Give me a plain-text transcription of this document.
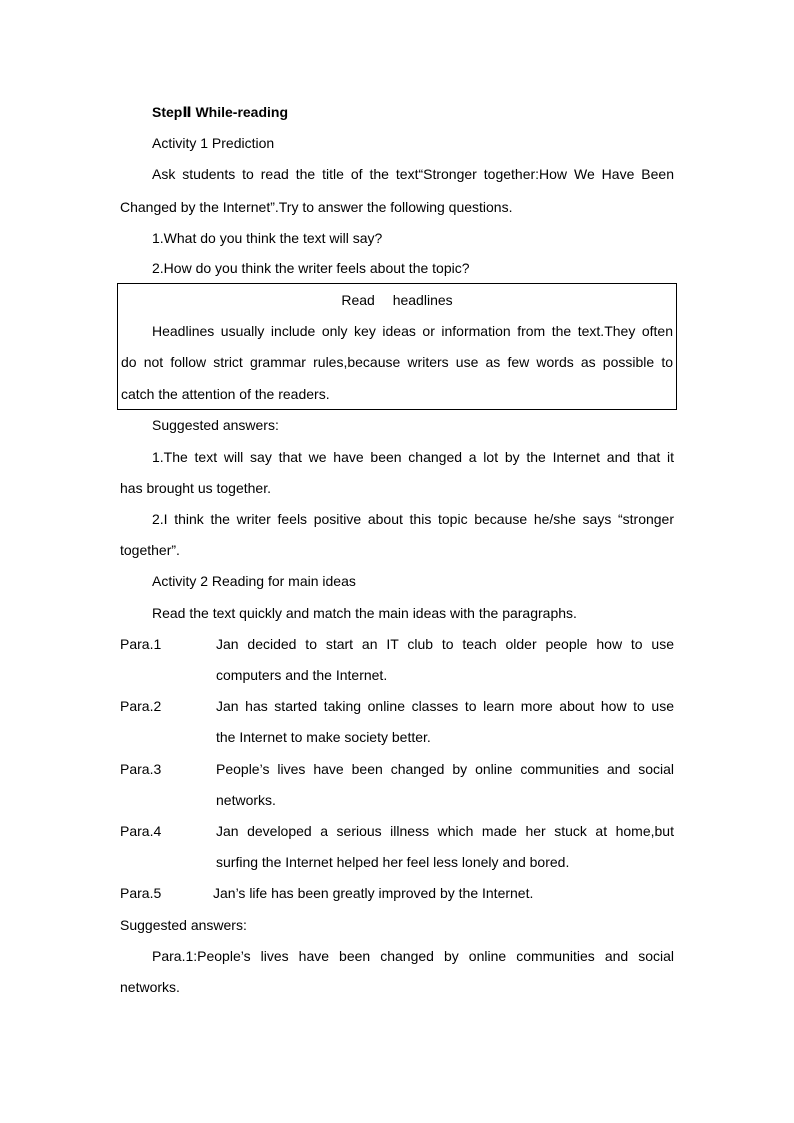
StepⅡ While-reading
Activity 1 Prediction
Ask students to read the title of the text“Stronger together:How We Have Been
Changed by the Internet”.Try to answer the following questions.
1.What do you think the text will say?
2.How do you think the writer feels about the topic?
Read headlines
Headlines usually include only key ideas or information from the text.They often
do not follow strict grammar rules,because writers use as few words as possible to
catch the attention of the readers.
Suggested answers:
1.The text will say that we have been changed a lot by the Internet and that it
has brought us together.
2.I think the writer feels positive about this topic because he/she says “stronger
together”.
Activity 2 Reading for main ideas
Read the text quickly and match the main ideas with the paragraphs.
Para.1	Jan decided to start an IT club to teach older people how to use
computers and the Internet.
Para.2	Jan has started taking online classes to learn more about how to use
the Internet to make society better.
Para.3	People’s lives have been changed by online communities and social
networks.
Para.4	Jan developed a serious illness which made her stuck at home,but
surfing the Internet helped her feel less lonely and bored.
Para.5	Jan’s life has been greatly improved by the Internet.
Suggested answers:
Para.1:People’s lives have been changed by online communities and social
networks.
